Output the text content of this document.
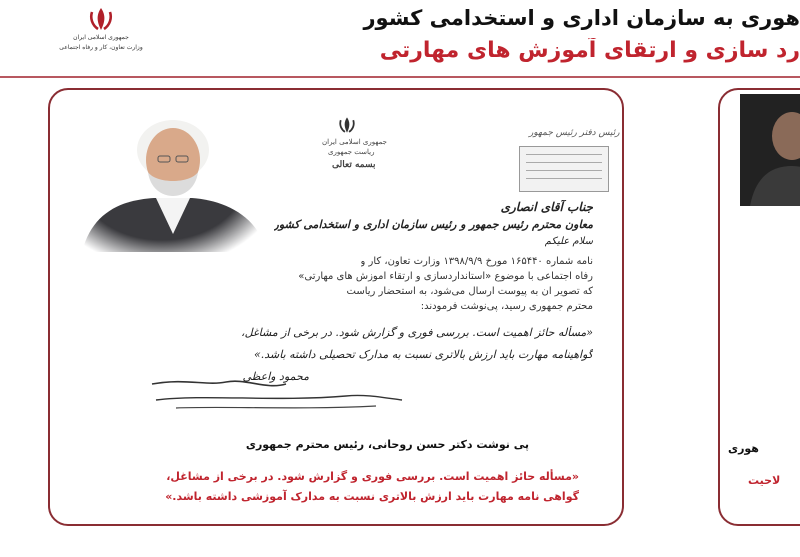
جمهوری اسلامی ایران
وزارت تعاون، کار و رفاه اجتماعی
هوری به سازمان اداری و استخدامی کشور
رد سازی و ارتقای آموزش های مهارتی
جمهوری اسلامی ایران
ریاست جمهوری
بسمه تعالی
رئیس دفتر رئیس جمهور
جناب آقای انصاری
معاون محترم رئیس جمهور و رئیس سازمان اداری و استخدامی کشور
سلام علیکم
نامه شماره ۱۶۵۴۴۰ مورخ ۱۳۹۸/۹/۹ وزارت تعاون، کار و
رفاه اجتماعی با موضوع «استانداردسازی و ارتقاء آموزش های مهارتی»
که تصویر آن به پیوست ارسال می‌شود، به استحضار ریاست
محترم جمهوری رسید، پی‌نوشت فرمودند:
«مسأله حائز اهمیت است. بررسی فوری و گزارش شود. در برخی از مشاغل،
گواهینامه مهارت باید ارزش بالاتری نسبت به مدارک تحصیلی داشته باشد.»
محمود واعظی
پی نوشت دکتر حسن روحانی، رئیس محترم جمهوری
«مسأله حائز اهمیت است. بررسی فوری و گزارش شود. در برخی از مشاغل،
گواهی نامه مهارت باید ارزش بالاتری نسبت به مدارک آموزشی داشته باشد.»
هوری
لاحیت
